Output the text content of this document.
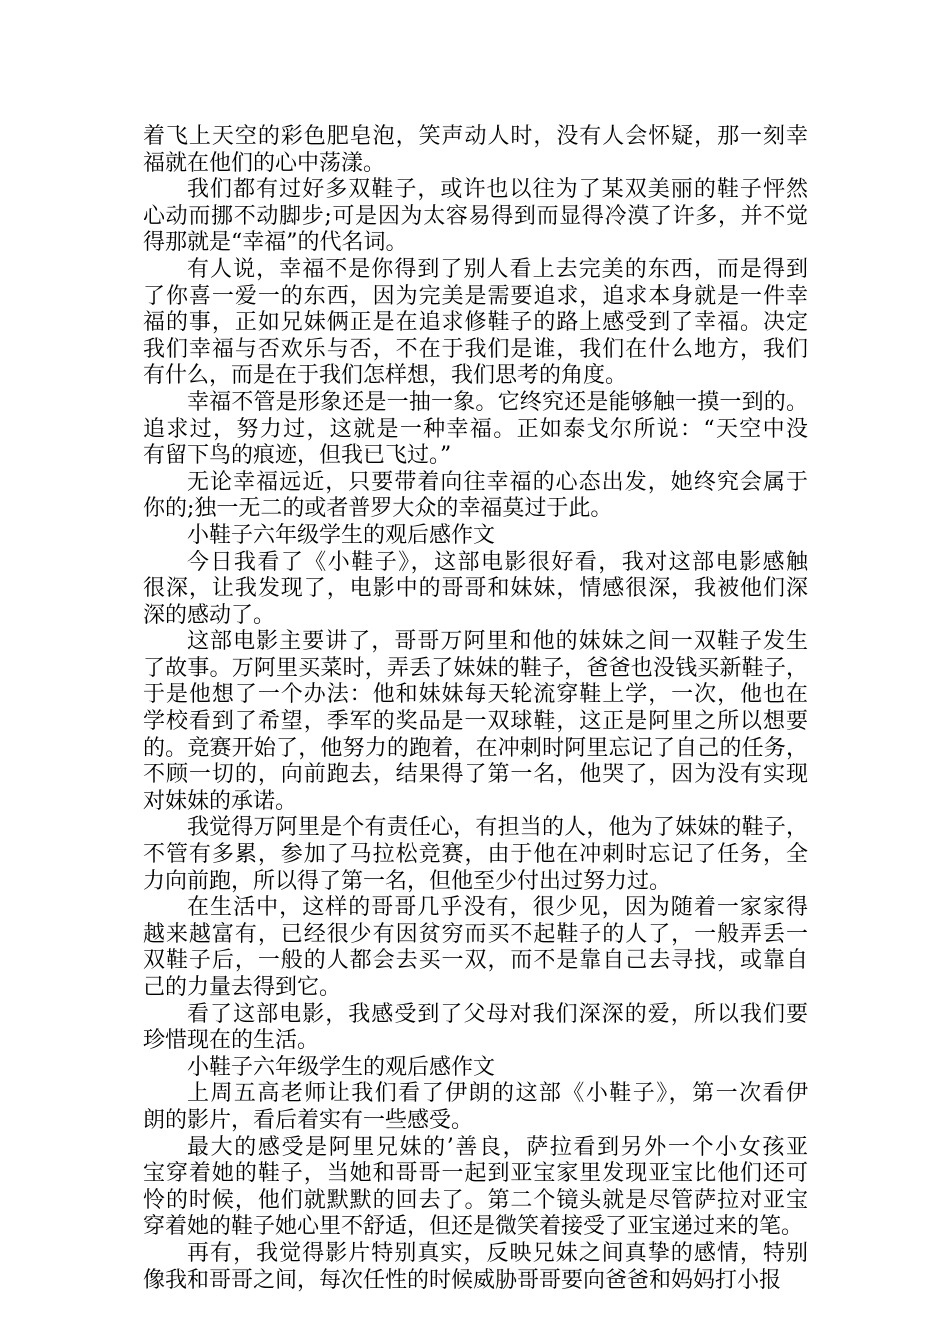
着飞上天空的彩色肥皂泡，笑声动人时，没有人会怀疑，那一刻幸
福就在他们的心中荡漾。
我们都有过好多双鞋子，或许也以往为了某双美丽的鞋子怦然
心动而挪不动脚步;可是因为太容易得到而显得冷漠了许多，并不觉
得那就是“幸福”的代名词。
有人说，幸福不是你得到了别人看上去完美的东西，而是得到
了你喜一爱一的东西，因为完美是需要追求，追求本身就是一件幸
福的事，正如兄妹俩正是在追求修鞋子的路上感受到了幸福。决定
我们幸福与否欢乐与否，不在于我们是谁，我们在什么地方，我们
有什么，而是在于我们怎样想，我们思考的角度。
幸福不管是形象还是一抽一象。它终究还是能够触一摸一到的。
追求过，努力过，这就是一种幸福。正如泰戈尔所说：“天空中没
有留下鸟的痕迹，但我已飞过。”
无论幸福远近，只要带着向往幸福的心态出发，她终究会属于
你的;独一无二的或者普罗大众的幸福莫过于此。
小鞋子六年级学生的观后感作文
今日我看了《小鞋子》，这部电影很好看，我对这部电影感触
很深，让我发现了，电影中的哥哥和妹妹，情感很深，我被他们深
深的感动了。
这部电影主要讲了，哥哥万阿里和他的妹妹之间一双鞋子发生
了故事。万阿里买菜时，弄丢了妹妹的鞋子，爸爸也没钱买新鞋子，
于是他想了一个办法：他和妹妹每天轮流穿鞋上学，一次，他也在
学校看到了希望，季军的奖品是一双球鞋，这正是阿里之所以想要
的。竞赛开始了，他努力的跑着，在冲刺时阿里忘记了自己的任务，
不顾一切的，向前跑去，结果得了第一名，他哭了，因为没有实现
对妹妹的承诺。
我觉得万阿里是个有责任心，有担当的人，他为了妹妹的鞋子，
不管有多累，参加了马拉松竞赛，由于他在冲刺时忘记了任务，全
力向前跑，所以得了第一名，但他至少付出过努力过。
在生活中，这样的哥哥几乎没有，很少见，因为随着一家家得
越来越富有，已经很少有因贫穷而买不起鞋子的人了，一般弄丢一
双鞋子后，一般的人都会去买一双，而不是靠自己去寻找，或靠自
己的力量去得到它。
看了这部电影，我感受到了父母对我们深深的爱，所以我们要
珍惜现在的生活。
小鞋子六年级学生的观后感作文
上周五高老师让我们看了伊朗的这部《小鞋子》，第一次看伊
朗的影片，看后着实有一些感受。
最大的感受是阿里兄妹的’善良，萨拉看到另外一个小女孩亚
宝穿着她的鞋子，当她和哥哥一起到亚宝家里发现亚宝比他们还可
怜的时候，他们就默默的回去了。第二个镜头就是尽管萨拉对亚宝
穿着她的鞋子她心里不舒适，但还是微笑着接受了亚宝递过来的笔。
再有，我觉得影片特别真实，反映兄妹之间真挚的感情，特别
像我和哥哥之间，每次任性的时候威胁哥哥要向爸爸和妈妈打小报
